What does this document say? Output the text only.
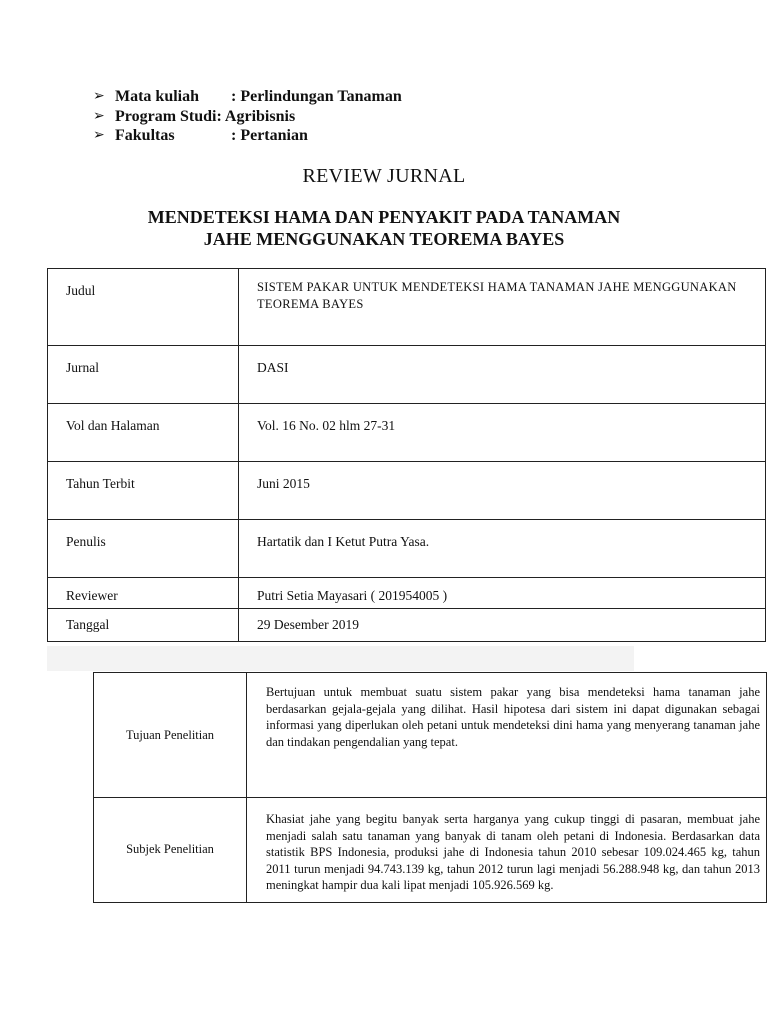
➢ Mata kuliah	: Perlindungan Tanaman
➢ Program Studi : Agribisnis
➢ Fakultas	: Pertanian
REVIEW JURNAL
MENDETEKSI HAMA DAN PENYAKIT PADA TANAMAN
JAHE MENGGUNAKAN TEOREMA BAYES
Judul	SISTEM PAKAR UNTUK MENDETEKSI HAMA TANAMAN JAHE MENGGUNAKAN TEOREMA BAYES
Jurnal	DASI
Vol dan Halaman	Vol. 16 No. 02 hlm 27-31
Tahun Terbit	Juni 2015
Penulis	Hartatik dan I Ketut Putra Yasa.
Reviewer	Putri Setia Mayasari ( 201954005 )
Tanggal	29 Desember 2019
Tujuan Penelitian	Bertujuan untuk membuat suatu sistem pakar yang bisa mendeteksi hama tanaman jahe berdasarkan gejala-gejala yang dilihat. Hasil hipotesa dari sistem ini dapat digunakan sebagai informasi yang diperlukan oleh petani untuk mendeteksi dini hama yang menyerang tanaman jahe dan tindakan pengendalian yang tepat.
Subjek Penelitian	Khasiat jahe yang begitu banyak serta harganya yang cukup tinggi di pasaran, membuat jahe menjadi salah satu tanaman yang banyak di tanam oleh petani di Indonesia. Berdasarkan data statistik BPS Indonesia, produksi jahe di Indonesia tahun 2010 sebesar 109.024.465 kg, tahun 2011 turun menjadi 94.743.139 kg, tahun 2012 turun lagi menjadi 56.288.948 kg, dan tahun 2013 meningkat hampir dua kali lipat menjadi 105.926.569 kg.
